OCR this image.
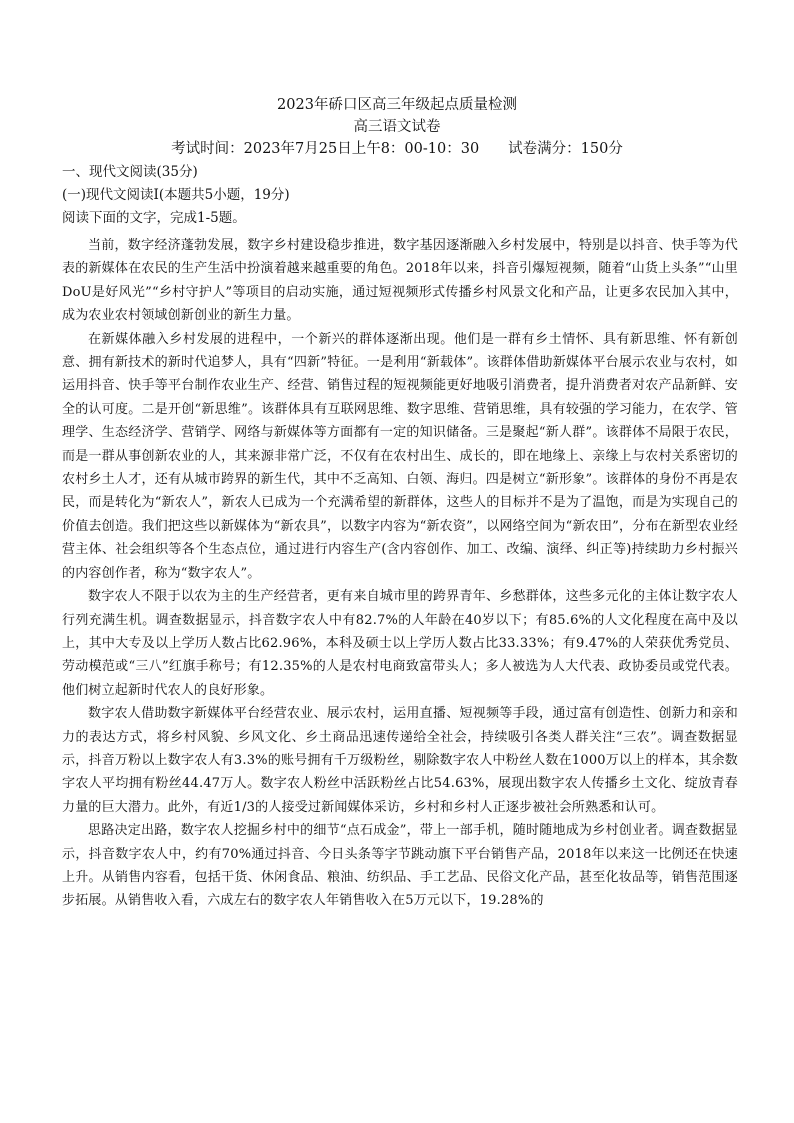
2023年硚口区高三年级起点质量检测
高三语文试卷
考试时间：2023年7月25日上午8：00-10：30　　试卷满分：150分
一、现代文阅读(35分)
(一)现代文阅读Ⅰ(本题共5小题，19分)
阅读下面的文字，完成1-5题。

当前，数字经济蓬勃发展，数字乡村建设稳步推进，数字基因逐渐融入乡村发展中，特别是以抖音、快手等为代表的新媒体在农民的生产生活中扮演着越来越重要的角色。2018年以来，抖音引爆短视频，随着“山货上头条”“山里DoU是好风光”“乡村守护人”等项目的启动实施，通过短视频形式传播乡村风景文化和产品，让更多农民加入其中，成为农业农村领域创新创业的新生力量。

在新媒体融入乡村发展的进程中，一个新兴的群体逐渐出现。他们是一群有乡土情怀、具有新思维、怀有新创意、拥有新技术的新时代追梦人，具有“四新”特征。一是利用“新载体”。该群体借助新媒体平台展示农业与农村，如运用抖音、快手等平台制作农业生产、经营、销售过程的短视频能更好地吸引消费者，提升消费者对农产品新鲜、安全的认可度。二是开创“新思维”。该群体具有互联网思维、数字思维、营销思维，具有较强的学习能力，在农学、管理学、生态经济学、营销学、网络与新媒体等方面都有一定的知识储备。三是聚起“新人群”。该群体不局限于农民，而是一群从事创新农业的人，其来源非常广泛，不仅有在农村出生、成长的，即在地缘上、亲缘上与农村关系密切的农村乡土人才，还有从城市跨界的新生代，其中不乏高知、白领、海归。四是树立“新形象”。该群体的身份不再是农民，而是转化为“新农人”，新农人已成为一个充满希望的新群体，这些人的目标并不是为了温饱，而是为实现自己的价值去创造。我们把这些以新媒体为“新农具”，以数字内容为“新农资”，以网络空间为“新农田”，分布在新型农业经营主体、社会组织等各个生态点位，通过进行内容生产(含内容创作、加工、改编、演绎、纠正等)持续助力乡村振兴的内容创作者，称为“数字农人”。

数字农人不限于以农为主的生产经营者，更有来自城市里的跨界青年、乡愁群体，这些多元化的主体让数字农人行列充满生机。调查数据显示，抖音数字农人中有82.7%的人年龄在40岁以下；有85.6%的人文化程度在高中及以上，其中大专及以上学历人数占比62.96%，本科及硕士以上学历人数占比33.33%；有9.47%的人荣获优秀党员、劳动模范或“三八”红旗手称号；有12.35%的人是农村电商致富带头人；多人被选为人大代表、政协委员或党代表。他们树立起新时代农人的良好形象。

数字农人借助数字新媒体平台经营农业、展示农村，运用直播、短视频等手段，通过富有创造性、创新力和亲和力的表达方式，将乡村风貌、乡风文化、乡土商品迅速传递给全社会，持续吸引各类人群关注“三农”。调查数据显示，抖音万粉以上数字农人有3.3%的账号拥有千万级粉丝，剔除数字农人中粉丝人数在1000万以上的样本，其余数字农人平均拥有粉丝44.47万人。数字农人粉丝中活跃粉丝占比54.63%，展现出数字农人传播乡土文化、绽放青春力量的巨大潜力。此外，有近1/3的人接受过新闻媒体采访，乡村和乡村人正逐步被社会所熟悉和认可。

思路决定出路，数字农人挖掘乡村中的细节“点石成金”，带上一部手机，随时随地成为乡村创业者。调查数据显示，抖音数字农人中，约有70%通过抖音、今日头条等字节跳动旗下平台销售产品，2018年以来这一比例还在快速上升。从销售内容看，包括干货、休闲食品、粮油、纺织品、手工艺品、民俗文化产品，甚至化妆品等，销售范围逐步拓展。从销售收入看，六成左右的数字农人年销售收入在5万元以下，19.28%的
